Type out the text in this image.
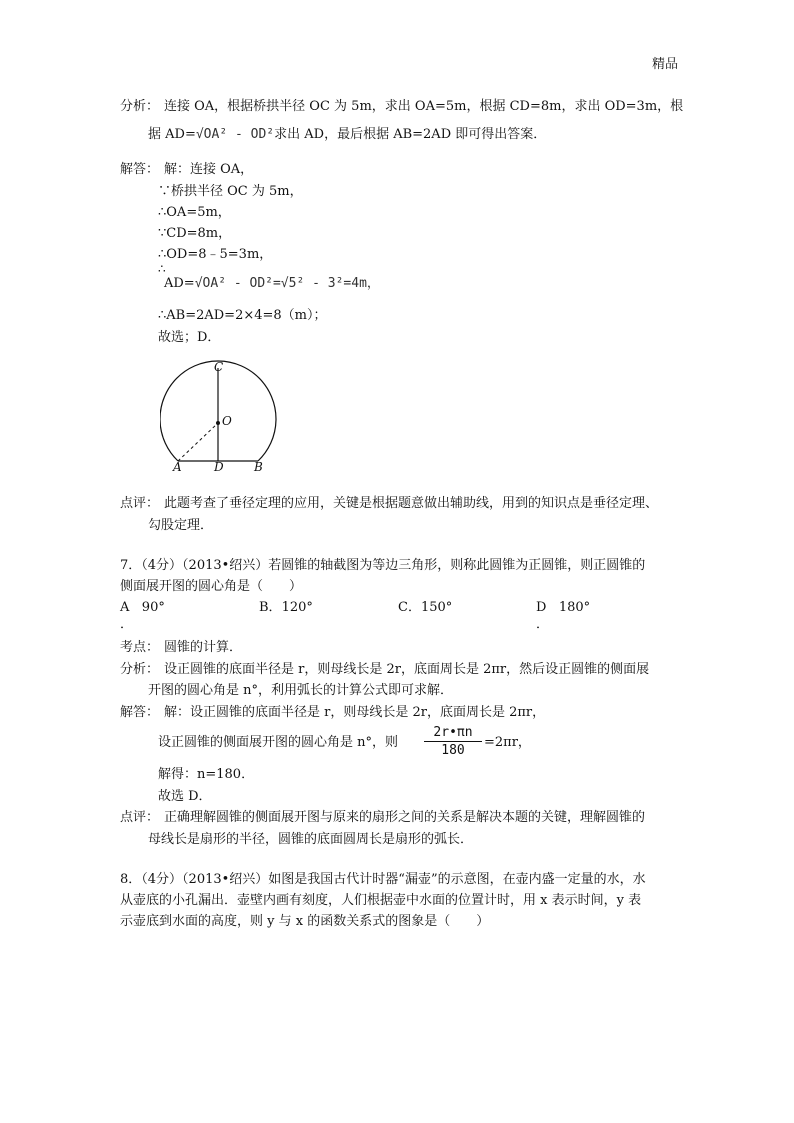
精品
分析： 连接 OA，根据桥拱半径 OC 为 5m，求出 OA=5m，根据 CD=8m，求出 OD=3m，根
据 AD=√OA² - OD²求出 AD，最后根据 AB=2AD 即可得出答案．
解答： 解：连接 OA，
∵桥拱半径 OC 为 5m，
∴OA=5m，
∵CD=8m，
∴OD=8﹣5=3m，
∴
AD=√OA² - OD²=√5² - 3²=4m，
∴AB=2AD=2×4=8（m）；
故选；D．
C
O
A	D	B
点评： 此题考查了垂径定理的应用，关键是根据题意做出辅助线，用到的知识点是垂径定理、
勾股定理．
7．（4分）（2013•绍兴）若圆锥的轴截图为等边三角形，则称此圆锥为正圆锥，则正圆锥的
侧面展开图的圆心角是（　　）
A 90°	B．120°	C．150°	D 180°
．	．
考点： 圆锥的计算．
分析： 设正圆锥的底面半径是 r，则母线长是 2r，底面周长是 2πr，然后设正圆锥的侧面展
开图的圆心角是 n°，利用弧长的计算公式即可求解．
解答： 解：设正圆锥的底面半径是 r，则母线长是 2r，底面周长是 2πr，
设正圆锥的侧面展开图的圆心角是 n°，则
2r•πn
180
=2πr，
解得：n=180．
故选 D．
点评： 正确理解圆锥的侧面展开图与原来的扇形之间的关系是解决本题的关键，理解圆锥的
母线长是扇形的半径，圆锥的底面圆周长是扇形的弧长．
8．（4分）（2013•绍兴）如图是我国古代计时器“漏壶”的示意图，在壶内盛一定量的水，水
从壶底的小孔漏出．壶壁内画有刻度，人们根据壶中水面的位置计时，用 x 表示时间，y 表
示壶底到水面的高度，则 y 与 x 的函数关系式的图象是（　　）
